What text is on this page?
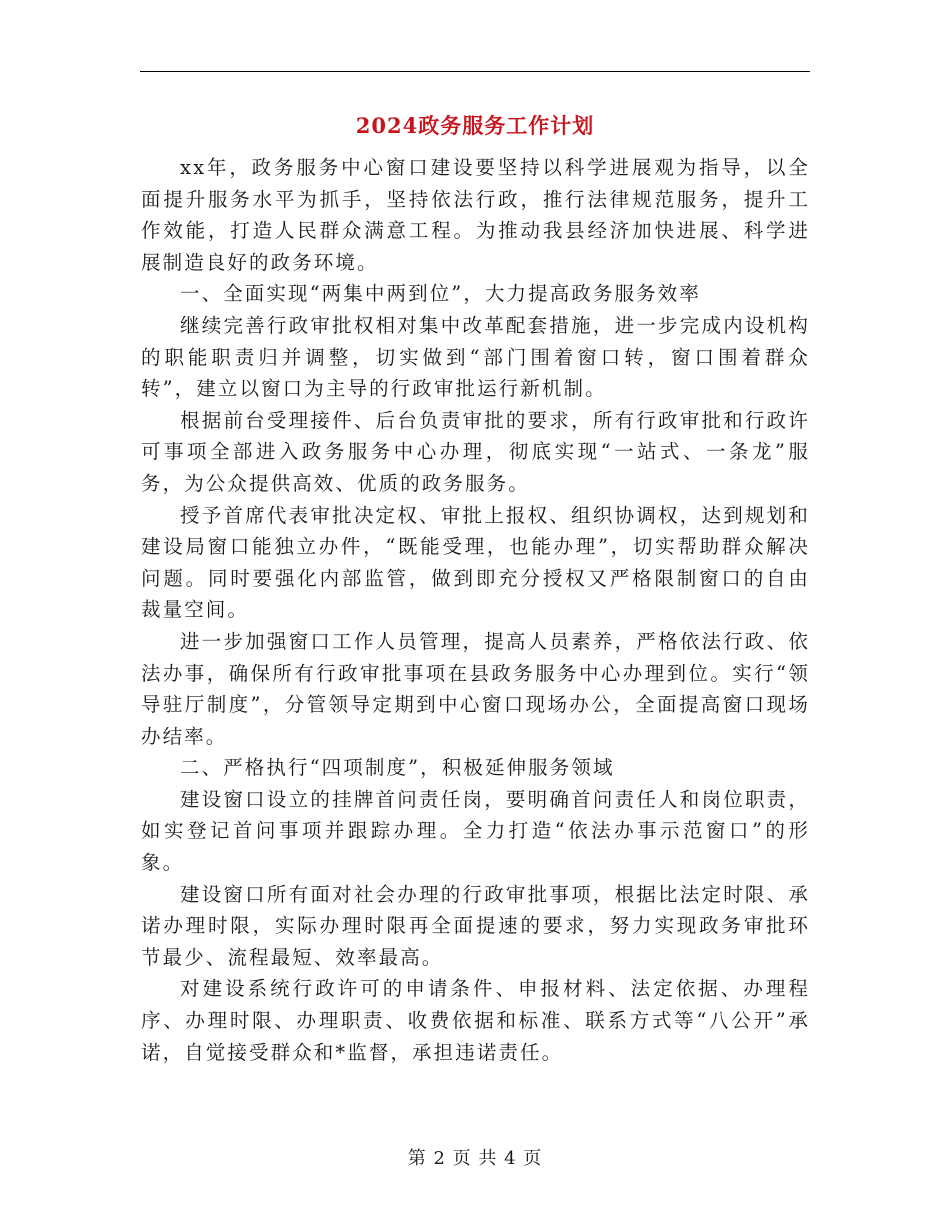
2024政务服务工作计划

xx年，政务服务中心窗口建设要坚持以科学进展观为指导，以全面提升服务水平为抓手，坚持依法行政，推行法律规范服务，提升工作效能，打造人民群众满意工程。为推动我县经济加快进展、科学进展制造良好的政务环境。

一、全面实现“两集中两到位”，大力提高政务服务效率

继续完善行政审批权相对集中改革配套措施，进一步完成内设机构的职能职责归并调整，切实做到“部门围着窗口转，窗口围着群众转”，建立以窗口为主导的行政审批运行新机制。

根据前台受理接件、后台负责审批的要求，所有行政审批和行政许可事项全部进入政务服务中心办理，彻底实现“一站式、一条龙”服务，为公众提供高效、优质的政务服务。

授予首席代表审批决定权、审批上报权、组织协调权，达到规划和建设局窗口能独立办件，“既能受理，也能办理”，切实帮助群众解决问题。同时要强化内部监管，做到即充分授权又严格限制窗口的自由裁量空间。

进一步加强窗口工作人员管理，提高人员素养，严格依法行政、依法办事，确保所有行政审批事项在县政务服务中心办理到位。实行“领导驻厅制度”，分管领导定期到中心窗口现场办公，全面提高窗口现场办结率。

二、严格执行“四项制度”，积极延伸服务领域

建设窗口设立的挂牌首问责任岗，要明确首问责任人和岗位职责，如实登记首问事项并跟踪办理。全力打造“依法办事示范窗口”的形象。

建设窗口所有面对社会办理的行政审批事项，根据比法定时限、承诺办理时限，实际办理时限再全面提速的要求，努力实现政务审批环节最少、流程最短、效率最高。

对建设系统行政许可的申请条件、申报材料、法定依据、办理程序、办理时限、办理职责、收费依据和标准、联系方式等“八公开”承诺，自觉接受群众和*监督，承担违诺责任。

第 2 页 共 4 页
